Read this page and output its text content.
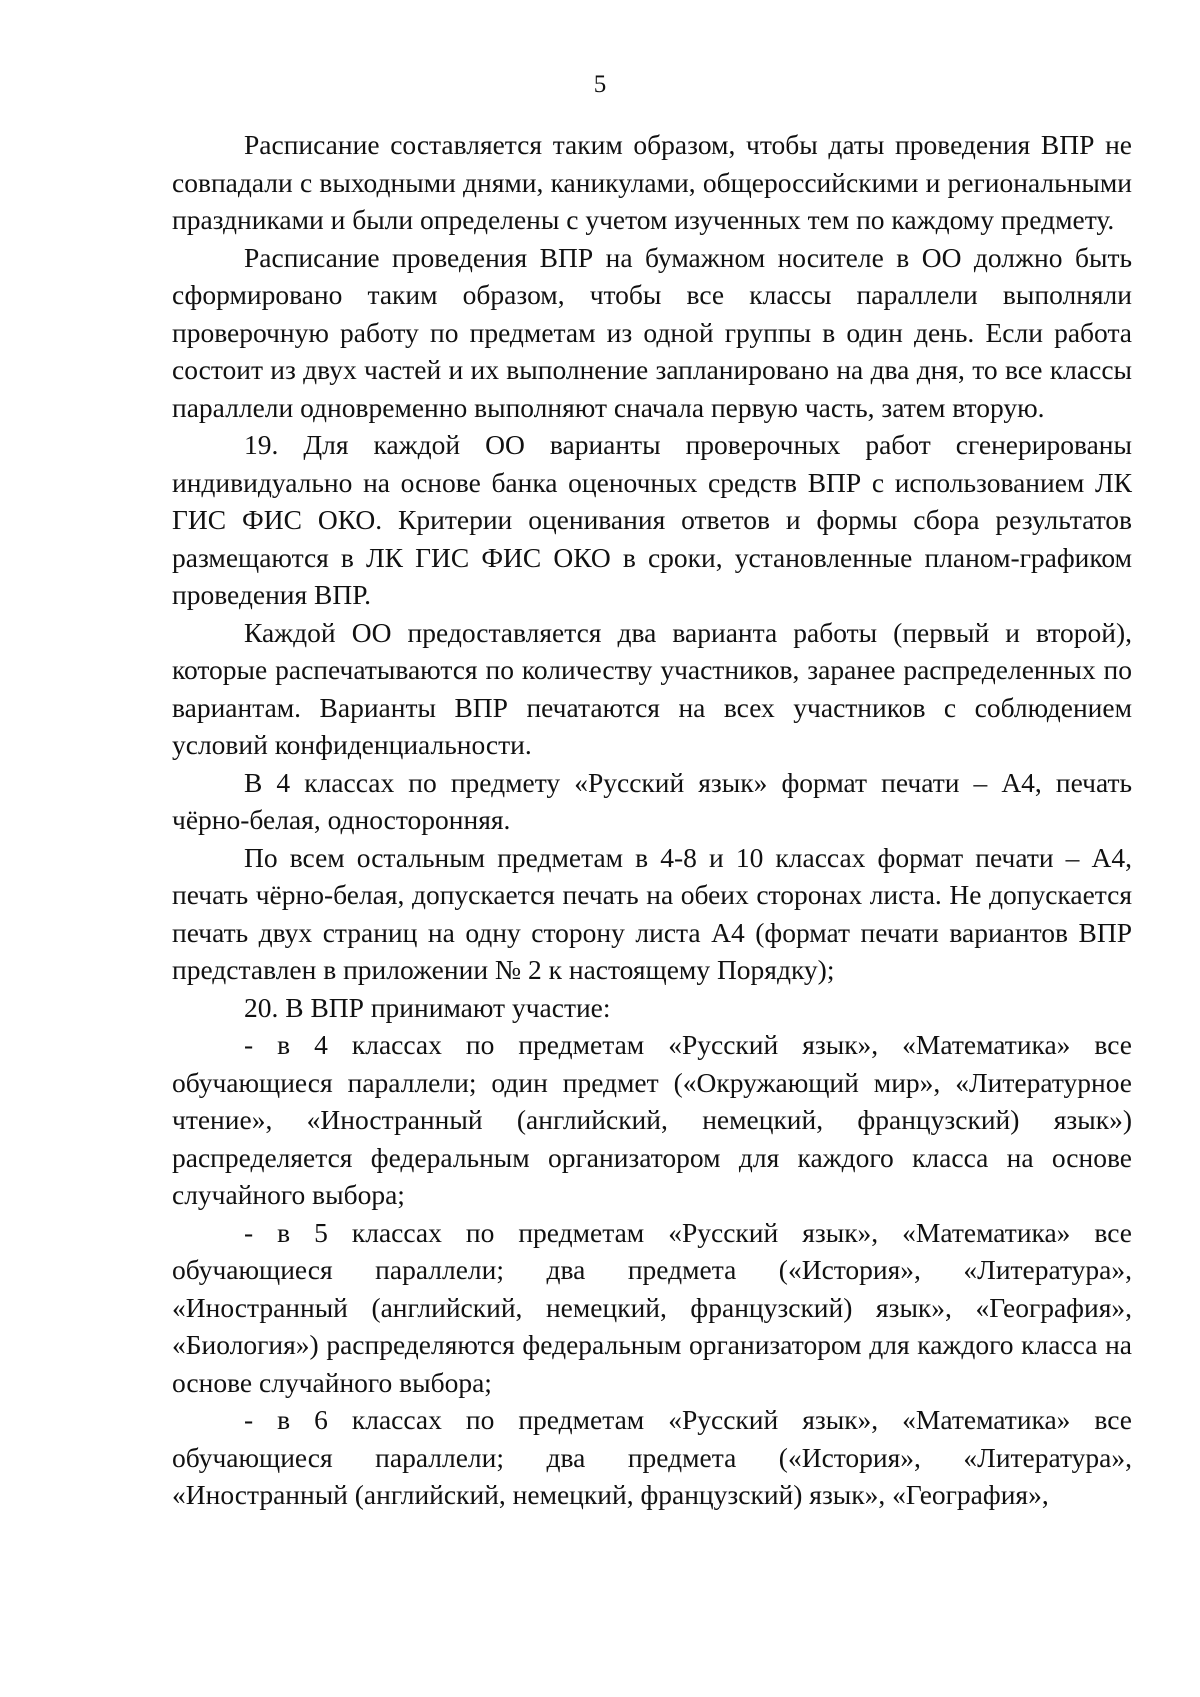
5

Расписание составляется таким образом, чтобы даты проведения ВПР не совпадали с выходными днями, каникулами, общероссийскими и региональными праздниками и были определены с учетом изученных тем по каждому предмету.

Расписание проведения ВПР на бумажном носителе в ОО должно быть сформировано таким образом, чтобы все классы параллели выполняли проверочную работу по предметам из одной группы в один день. Если работа состоит из двух частей и их выполнение запланировано на два дня, то все классы параллели одновременно выполняют сначала первую часть, затем вторую.

19. Для каждой ОО варианты проверочных работ сгенерированы индивидуально на основе банка оценочных средств ВПР с использованием ЛК ГИС ФИС ОКО. Критерии оценивания ответов и формы сбора результатов размещаются в ЛК ГИС ФИС ОКО в сроки, установленные планом-графиком проведения ВПР.

Каждой ОО предоставляется два варианта работы (первый и второй), которые распечатываются по количеству участников, заранее распределенных по вариантам. Варианты ВПР печатаются на всех участников с соблюдением условий конфиденциальности.

В 4 классах по предмету «Русский язык» формат печати – А4, печать чёрно-белая, односторонняя.

По всем остальным предметам в 4-8 и 10 классах формат печати – А4, печать чёрно-белая, допускается печать на обеих сторонах листа. Не допускается печать двух страниц на одну сторону листа А4 (формат печати вариантов ВПР представлен в приложении № 2 к настоящему Порядку);

20. В ВПР принимают участие:

- в 4 классах по предметам «Русский язык», «Математика» все обучающиеся параллели; один предмет («Окружающий мир», «Литературное чтение», «Иностранный (английский, немецкий, французский) язык») распределяется федеральным организатором для каждого класса на основе случайного выбора;

- в 5 классах по предметам «Русский язык», «Математика» все обучающиеся параллели; два предмета («История», «Литература», «Иностранный (английский, немецкий, французский) язык», «География», «Биология») распределяются федеральным организатором для каждого класса на основе случайного выбора;

- в 6 классах по предметам «Русский язык», «Математика» все обучающиеся параллели; два предмета («История», «Литература», «Иностранный (английский, немецкий, французский) язык», «География»,
